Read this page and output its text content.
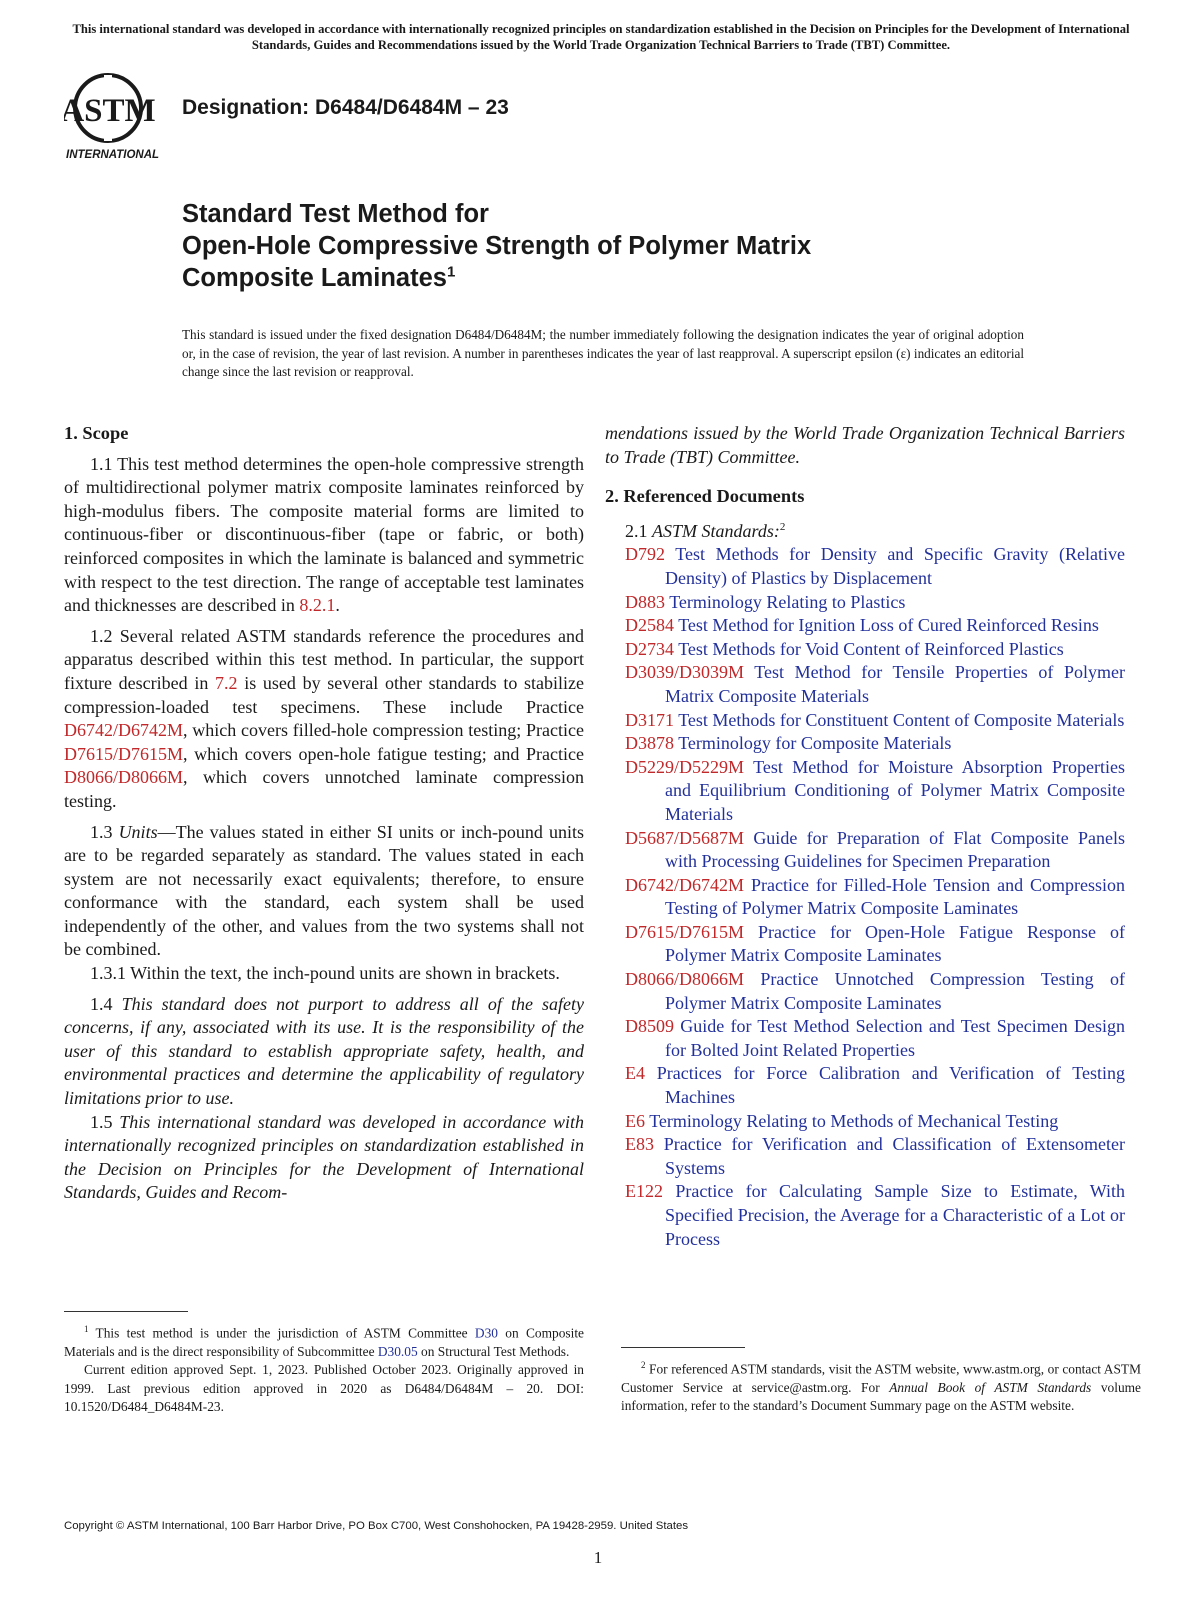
This international standard was developed in accordance with internationally recognized principles on standardization established in the Decision on Principles for the Development of International Standards, Guides and Recommendations issued by the World Trade Organization Technical Barriers to Trade (TBT) Committee.
ASTM
INTERNATIONAL
Designation: D6484/D6484M – 23
Standard Test Method for
Open-Hole Compressive Strength of Polymer Matrix
Composite Laminates$^1$
This standard is issued under the fixed designation D6484/D6484M; the number immediately following the designation indicates the year of original adoption or, in the case of revision, the year of last revision. A number in parentheses indicates the year of last reapproval. A superscript epsilon (ε) indicates an editorial change since the last revision or reapproval.
1. Scope

1.1 This test method determines the open-hole compressive strength of multidirectional polymer matrix composite laminates reinforced by high-modulus fibers. The composite material forms are limited to continuous-fiber or discontinuous-fiber (tape or fabric, or both) reinforced composites in which the laminate is balanced and symmetric with respect to the test direction. The range of acceptable test laminates and thicknesses are described in 8.2.1.

1.2 Several related ASTM standards reference the procedures and apparatus described within this test method. In particular, the support fixture described in 7.2 is used by several other standards to stabilize compression-loaded test specimens. These include Practice D6742/D6742M, which covers filled-hole compression testing; Practice D7615/D7615M, which covers open-hole fatigue testing; and Practice D8066/D8066M, which covers unnotched laminate compression testing.

1.3 Units—The values stated in either SI units or inch-pound units are to be regarded separately as standard. The values stated in each system are not necessarily exact equivalents; therefore, to ensure conformance with the standard, each system shall be used independently of the other, and values from the two systems shall not be combined.

1.3.1 Within the text, the inch-pound units are shown in brackets.

1.4 This standard does not purport to address all of the safety concerns, if any, associated with its use. It is the responsibility of the user of this standard to establish appropriate safety, health, and environmental practices and determine the applicability of regulatory limitations prior to use.

1.5 This international standard was developed in accordance with internationally recognized principles on standardization established in the Decision on Principles for the Development of International Standards, Guides and Recom-

mendations issued by the World Trade Organization Technical Barriers to Trade (TBT) Committee.

2. Referenced Documents

2.1 ASTM Standards:$^2$

D792 Test Methods for Density and Specific Gravity (Relative Density) of Plastics by Displacement

D883 Terminology Relating to Plastics

D2584 Test Method for Ignition Loss of Cured Reinforced Resins

D2734 Test Methods for Void Content of Reinforced Plastics

D3039/D3039M Test Method for Tensile Properties of Polymer Matrix Composite Materials

D3171 Test Methods for Constituent Content of Composite Materials

D3878 Terminology for Composite Materials

D5229/D5229M Test Method for Moisture Absorption Properties and Equilibrium Conditioning of Polymer Matrix Composite Materials

D5687/D5687M Guide for Preparation of Flat Composite Panels with Processing Guidelines for Specimen Preparation

D6742/D6742M Practice for Filled-Hole Tension and Compression Testing of Polymer Matrix Composite Laminates

D7615/D7615M Practice for Open-Hole Fatigue Response of Polymer Matrix Composite Laminates

D8066/D8066M Practice Unnotched Compression Testing of Polymer Matrix Composite Laminates

D8509 Guide for Test Method Selection and Test Specimen Design for Bolted Joint Related Properties

E4 Practices for Force Calibration and Verification of Testing Machines

E6 Terminology Relating to Methods of Mechanical Testing

E83 Practice for Verification and Classification of Extensometer Systems

E122 Practice for Calculating Sample Size to Estimate, With Specified Precision, the Average for a Characteristic of a Lot or Process

$^1$ This test method is under the jurisdiction of ASTM Committee D30 on Composite Materials and is the direct responsibility of Subcommittee D30.05 on Structural Test Methods.

Current edition approved Sept. 1, 2023. Published October 2023. Originally approved in 1999. Last previous edition approved in 2020 as D6484/D6484M – 20. DOI: 10.1520/D6484_D6484M-23.

$^2$ For referenced ASTM standards, visit the ASTM website, www.astm.org, or contact ASTM Customer Service at service@astm.org. For Annual Book of ASTM Standards volume information, refer to the standard’s Document Summary page on the ASTM website.

Copyright © ASTM International, 100 Barr Harbor Drive, PO Box C700, West Conshohocken, PA 19428-2959. United States
1
